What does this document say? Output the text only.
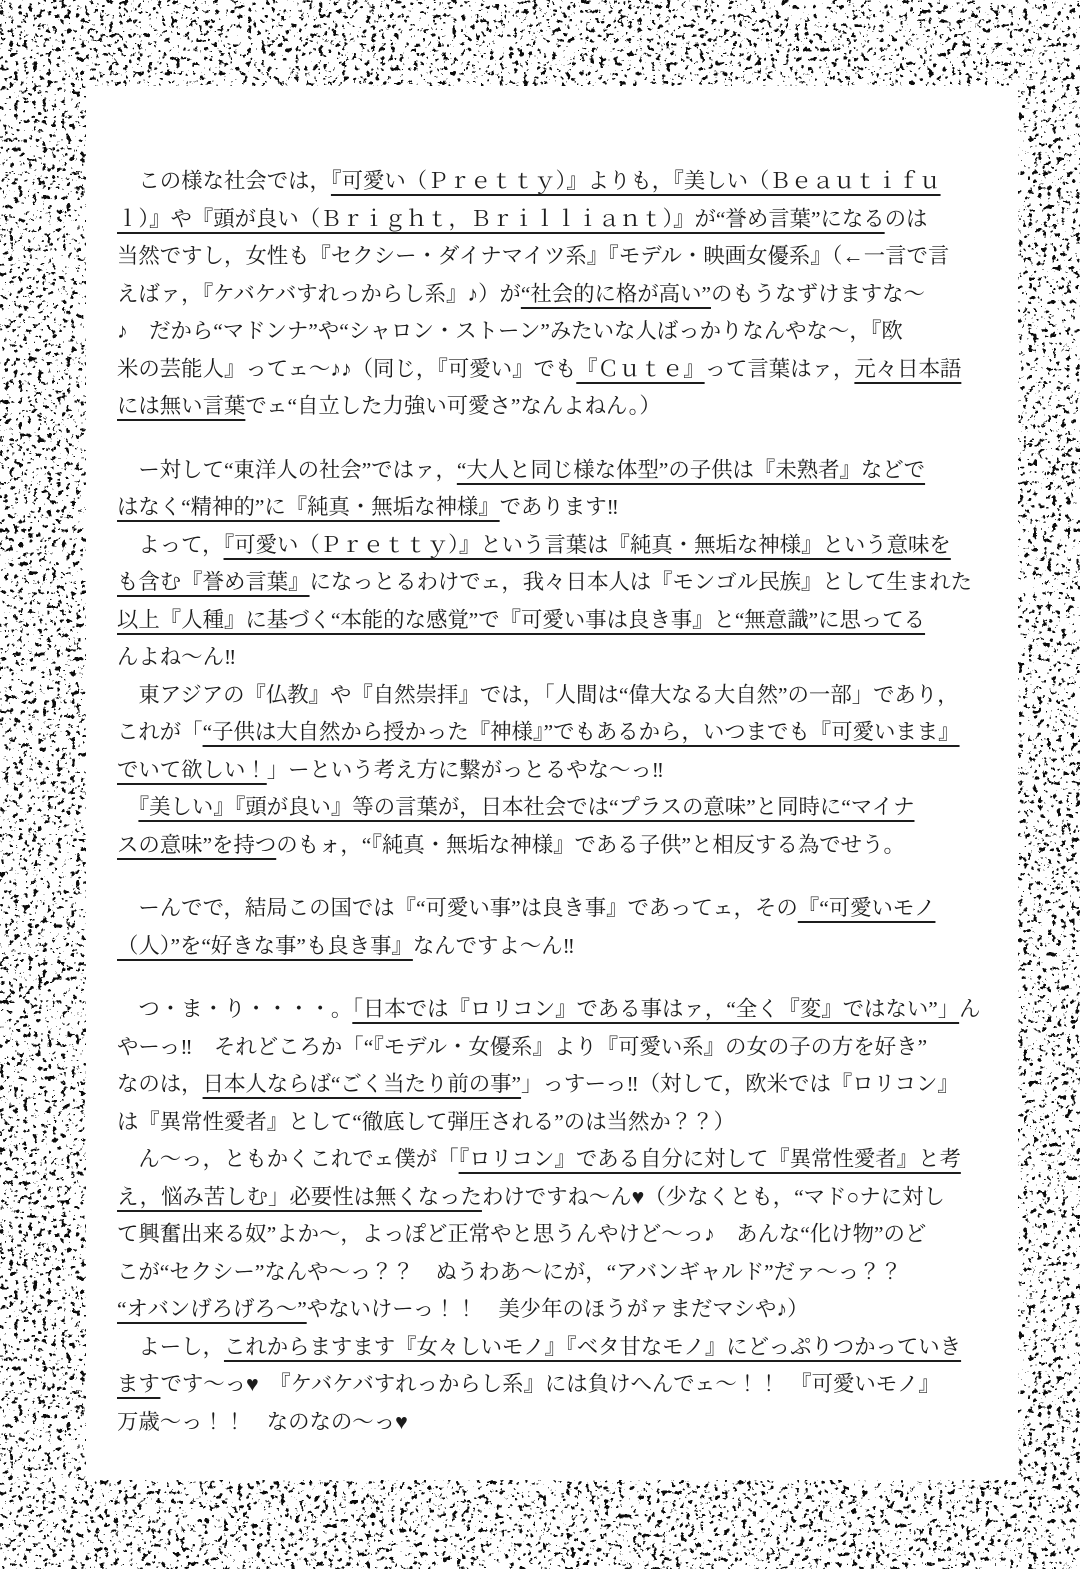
　この様な社会では，『可愛い（Ｐｒｅｔｔｙ）』よりも，『美しい（Ｂｅａｕｔｉｆｕ
ｌ）』や『頭が良い（Ｂｒｉｇｈｔ，Ｂｒｉｌｌｉａｎｔ）』が“誉め言葉”になるのは
当然ですし，女性も『セクシー・ダイナマイツ系』『モデル・映画女優系』（←一言で言
えばァ，『ケバケバすれっからし系』♪）が“社会的に格が高い”のもうなずけますな～
♪　だから“マドンナ”や“シャロン・ストーン”みたいな人ばっかりなんやな～，『欧
米の芸能人』ってェ～♪♪（同じ，『可愛い』でも『Ｃｕｔｅ』って言葉はァ，元々日本語
には無い言葉でェ“自立した力強い可愛さ”なんよねん。）
　ー対して“東洋人の社会”ではァ，“大人と同じ様な体型”の子供は『未熟者』などで
はなく“精神的”に『純真・無垢な神様』であります‼
　よって，『可愛い（Ｐｒｅｔｔｙ）』という言葉は『純真・無垢な神様』という意味を
も含む『誉め言葉』になっとるわけでェ，我々日本人は『モンゴル民族』として生まれた
以上『人種』に基づく“本能的な感覚”で『可愛い事は良き事』と“無意識”に思ってる
んよね～ん‼
　東アジアの『仏教』や『自然崇拝』では，「人間は“偉大なる大自然”の一部」であり，
これが「“子供は大自然から授かった『神様』”でもあるから，いつまでも『可愛いまま』
でいて欲しい！」ーという考え方に繋がっとるやな～っ‼
　『美しい』『頭が良い』等の言葉が，日本社会では“プラスの意味”と同時に“マイナ
スの意味”を持つのもォ，“『純真・無垢な神様』である子供”と相反する為でせう。
　ーんでで，結局この国では『“可愛い事”は良き事』であってェ，その『“可愛いモノ
（人）”を“好きな事”も良き事』なんですよ～ん‼
　つ・ま・り・・・・。「日本では『ロリコン』である事はァ，“全く『変』ではない”」ん
やーっ‼　それどころか「“『モデル・女優系』より『可愛い系』の女の子の方を好き”
なのは，日本人ならば“ごく当たり前の事”」っすーっ‼（対して，欧米では『ロリコン』
は『異常性愛者』として“徹底して弾圧される”のは当然か？？）
　ん～っ，ともかくこれでェ僕が「『ロリコン』である自分に対して『異常性愛者』と考
え，悩み苦しむ」必要性は無くなったわけですね～ん♥（少なくとも，“マド○ナに対し
て興奮出来る奴”よか～，よっぽど正常やと思うんやけど～っ♪　あんな“化け物”のど
こが“セクシー”なんや～っ？？　ぬうわあ～にが，“アバンギャルド”だァ～っ？？
“オバンげろげろ～”やないけーっ！！　美少年のほうがァまだマシや♪）
　よーし，これからますます『女々しいモノ』『ベタ甘なモノ』にどっぷりつかっていき
ますです～っ♥　『ケバケバすれっからし系』には負けへんでェ～！！　『可愛いモノ』
万歳～っ！！　なのなの～っ♥
